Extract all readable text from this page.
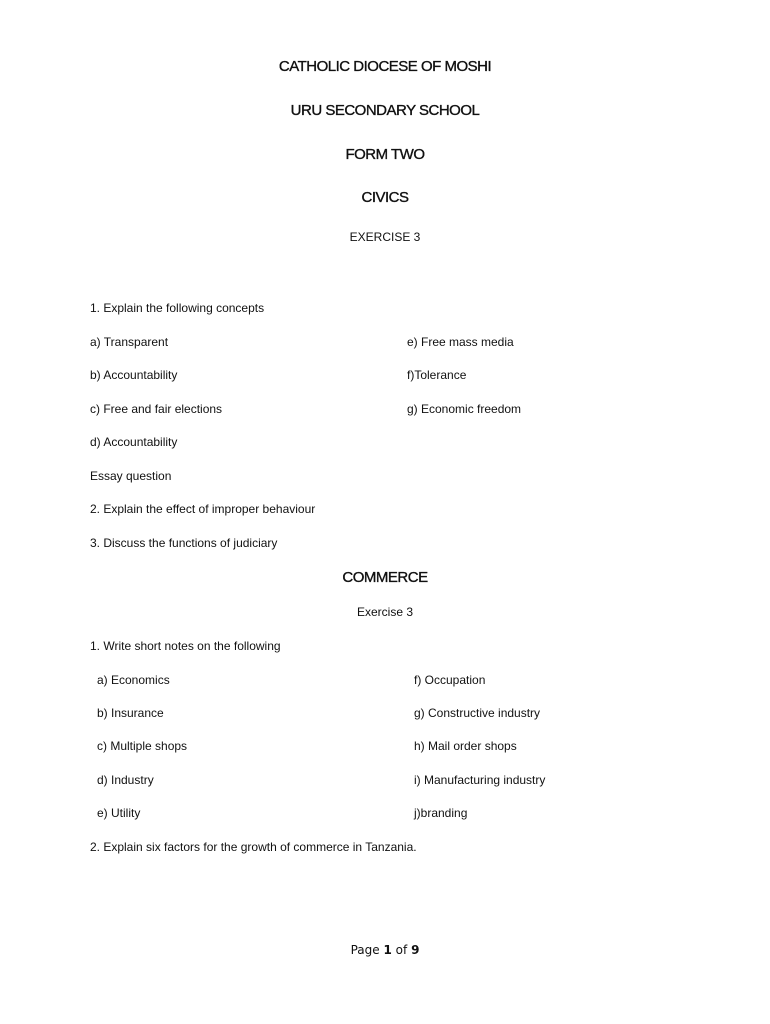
CATHOLIC DIOCESE OF MOSHI
URU SECONDARY SCHOOL
FORM TWO
CIVICS
EXERCISE 3
1. Explain the following concepts
a) Transparent
b) Accountability
c) Free and fair elections
d) Accountability
e) Free mass media
f)Tolerance
g) Economic freedom
Essay question
2. Explain the effect of improper behaviour
3. Discuss the functions of judiciary
COMMERCE
Exercise 3
1. Write short notes on the following
a) Economics
b) Insurance
c) Multiple shops
d) Industry
e) Utility
f) Occupation
g) Constructive industry
h) Mail order shops
i) Manufacturing industry
j)branding
2. Explain six factors for the growth of commerce in Tanzania.
Page 1 of 9
